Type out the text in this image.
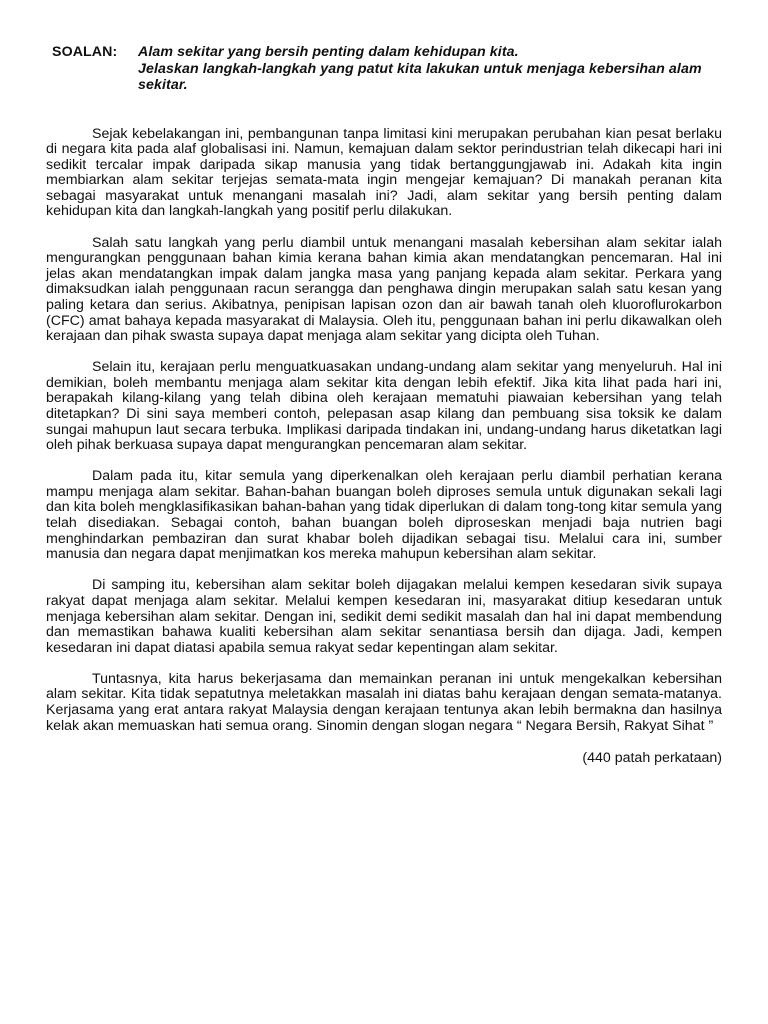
SOALAN:	Alam sekitar yang bersih penting dalam kehidupan kita.
Jelaskan langkah-langkah yang patut kita lakukan untuk menjaga kebersihan alam sekitar.

Sejak kebelakangan ini, pembangunan tanpa limitasi kini merupakan perubahan kian pesat berlaku di negara kita pada alaf globalisasi ini. Namun, kemajuan dalam sektor perindustrian telah dikecapi hari ini sedikit tercalar impak daripada sikap manusia yang tidak bertanggungjawab ini. Adakah kita ingin membiarkan alam sekitar terjejas semata-mata ingin mengejar kemajuan? Di manakah peranan kita sebagai masyarakat untuk menangani masalah ini? Jadi, alam sekitar yang bersih penting dalam kehidupan kita dan langkah-langkah yang positif perlu dilakukan.

Salah satu langkah yang perlu diambil untuk menangani masalah kebersihan alam sekitar ialah mengurangkan penggunaan bahan kimia kerana bahan kimia akan mendatangkan pencemaran. Hal ini jelas akan mendatangkan impak dalam jangka masa yang panjang kepada alam sekitar. Perkara yang dimaksudkan ialah penggunaan racun serangga dan penghawa dingin merupakan salah satu kesan yang paling ketara dan serius. Akibatnya, penipisan lapisan ozon dan air bawah tanah oleh kluoroflurokarbon (CFC) amat bahaya kepada masyarakat di Malaysia. Oleh itu, penggunaan bahan ini perlu dikawalkan oleh kerajaan dan pihak swasta supaya dapat menjaga alam sekitar yang dicipta oleh Tuhan.

Selain itu, kerajaan perlu menguatkuasakan undang-undang alam sekitar yang menyeluruh. Hal ini demikian, boleh membantu menjaga alam sekitar kita dengan lebih efektif. Jika kita lihat pada hari ini, berapakah kilang-kilang yang telah dibina oleh kerajaan mematuhi piawaian kebersihan yang telah ditetapkan? Di sini saya memberi contoh, pelepasan asap kilang dan pembuang sisa toksik ke dalam sungai mahupun laut secara terbuka. Implikasi daripada tindakan ini, undang-undang harus diketatkan lagi oleh pihak berkuasa supaya dapat mengurangkan pencemaran alam sekitar.

Dalam pada itu, kitar semula yang diperkenalkan oleh kerajaan perlu diambil perhatian kerana mampu menjaga alam sekitar. Bahan-bahan buangan boleh diproses semula untuk digunakan sekali lagi dan kita boleh mengklasifikasikan bahan-bahan yang tidak diperlukan di dalam tong-tong kitar semula yang telah disediakan. Sebagai contoh, bahan buangan boleh diproseskan menjadi baja nutrien bagi menghindarkan pembaziran dan surat khabar boleh dijadikan sebagai tisu. Melalui cara ini, sumber manusia dan negara dapat menjimatkan kos mereka mahupun kebersihan alam sekitar.

Di samping itu, kebersihan alam sekitar boleh dijagakan melalui kempen kesedaran sivik supaya rakyat dapat menjaga alam sekitar. Melalui kempen kesedaran ini, masyarakat ditiup kesedaran untuk menjaga kebersihan alam sekitar. Dengan ini, sedikit demi sedikit masalah dan hal ini dapat membendung dan memastikan bahawa kualiti kebersihan alam sekitar senantiasa bersih dan dijaga. Jadi, kempen kesedaran ini dapat diatasi apabila semua rakyat sedar kepentingan alam sekitar.

Tuntasnya, kita harus bekerjasama dan memainkan peranan ini untuk mengekalkan kebersihan alam sekitar. Kita tidak sepatutnya meletakkan masalah ini diatas bahu kerajaan dengan semata-matanya. Kerjasama yang erat antara rakyat Malaysia dengan kerajaan tentunya akan lebih bermakna dan hasilnya kelak akan memuaskan hati semua orang. Sinomin dengan slogan negara “ Negara Bersih, Rakyat Sihat ”

(440 patah perkataan)
